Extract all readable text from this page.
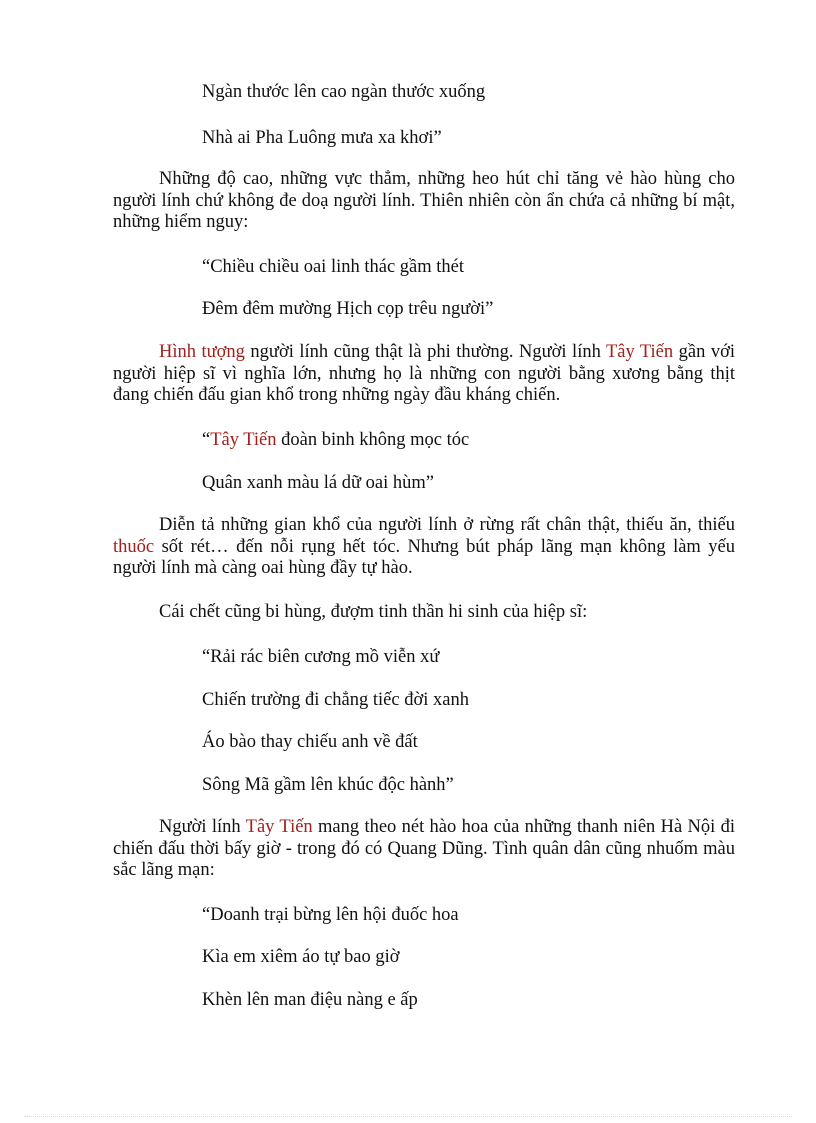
Ngàn thước lên cao ngàn thước xuống
Nhà ai Pha Luông mưa xa khơi”

Những độ cao, những vực thẳm, những heo hút chỉ tăng vẻ hào hùng cho người lính chứ không đe doạ người lính. Thiên nhiên còn ẩn chứa cả những bí mật, những hiểm nguy:

“Chiều chiều oai linh thác gầm thét
Đêm đêm mường Hịch cọp trêu người”

Hình tượng người lính cũng thật là phi thường. Người lính Tây Tiến gần với người hiệp sĩ vì nghĩa lớn, nhưng họ là những con người bằng xương bằng thịt đang chiến đấu gian khổ trong những ngày đầu kháng chiến.

“Tây Tiến đoàn binh không mọc tóc
Quân xanh màu lá dữ oai hùm”

Diễn tả những gian khổ của người lính ở rừng rất chân thật, thiếu ăn, thiếu thuốc sốt rét… đến nỗi rụng hết tóc. Nhưng bút pháp lãng mạn không làm yếu người lính mà càng oai hùng đầy tự hào.

Cái chết cũng bi hùng, đượm tinh thần hi sinh của hiệp sĩ:

“Rải rác biên cương mồ viễn xứ
Chiến trường đi chẳng tiếc đời xanh
Áo bào thay chiếu anh về đất
Sông Mã gầm lên khúc độc hành”

Người lính Tây Tiến mang theo nét hào hoa của những thanh niên Hà Nội đi chiến đấu thời bấy giờ - trong đó có Quang Dũng. Tình quân dân cũng nhuốm màu sắc lãng mạn:

“Doanh trại bừng lên hội đuốc hoa
Kìa em xiêm áo tự bao giờ
Khèn lên man điệu nàng e ấp
